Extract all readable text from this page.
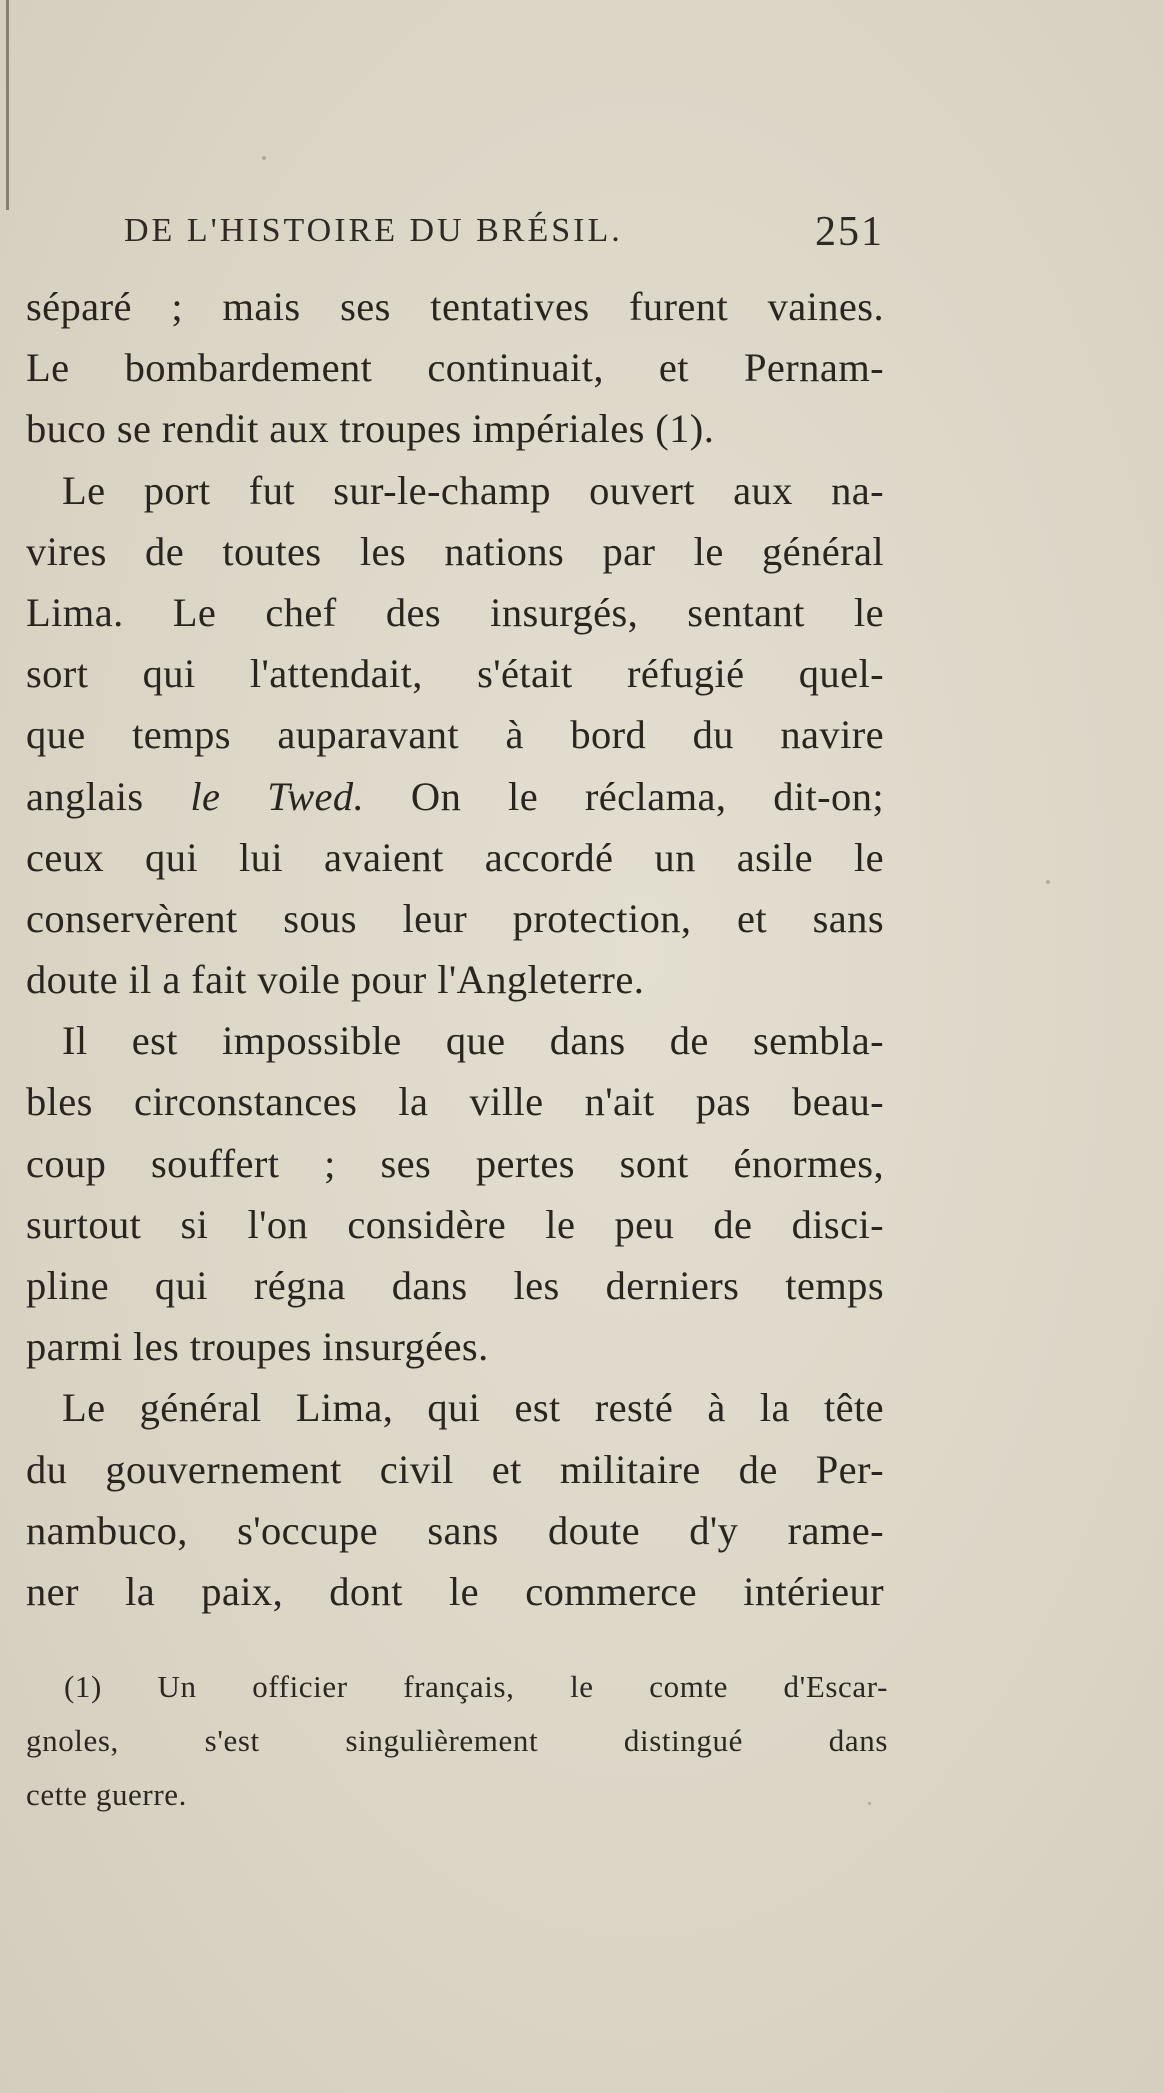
DE L'HISTOIRE DU BRÉSIL.	251
séparé ; mais ses tentatives furent vaines.
Le bombardement continuait, et Pernam-
buco se rendit aux troupes impériales (1).
Le port fut sur-le-champ ouvert aux na-
vires de toutes les nations par le général
Lima. Le chef des insurgés, sentant le
sort qui l'attendait, s'était réfugié quel-
que temps auparavant à bord du navire
anglais le Twed. On le réclama, dit-on;
ceux qui lui avaient accordé un asile le
conservèrent sous leur protection, et sans
doute il a fait voile pour l'Angleterre.
Il est impossible que dans de sembla-
bles circonstances la ville n'ait pas beau-
coup souffert ; ses pertes sont énormes,
surtout si l'on considère le peu de disci-
pline qui régna dans les derniers temps
parmi les troupes insurgées.
Le général Lima, qui est resté à la tête
du gouvernement civil et militaire de Per-
nambuco, s'occupe sans doute d'y rame-
ner la paix, dont le commerce intérieur
(1) Un officier français, le comte d'Escar-
gnoles, s'est singulièrement distingué dans
cette guerre.
